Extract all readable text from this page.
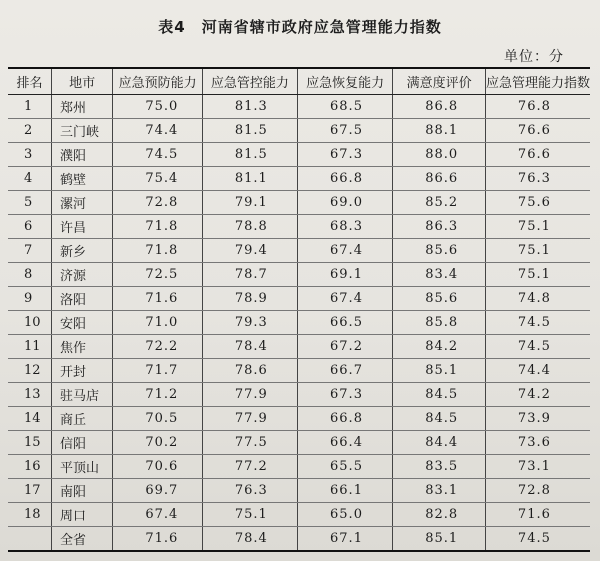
表4 河南省辖市政府应急管理能力指数
单位：分
排名	地市	应急预防能力	应急管控能力	应急恢复能力	满意度评价	应急管理能力指数
1	郑州	75.0	81.3	68.5	86.8	76.8
2	三门峡	74.4	81.5	67.5	88.1	76.6
3	濮阳	74.5	81.5	67.3	88.0	76.6
4	鹤壁	75.4	81.1	66.8	86.6	76.3
5	漯河	72.8	79.1	69.0	85.2	75.6
6	许昌	71.8	78.8	68.3	86.3	75.1
7	新乡	71.8	79.4	67.4	85.6	75.1
8	济源	72.5	78.7	69.1	83.4	75.1
9	洛阳	71.6	78.9	67.4	85.6	74.8
10	安阳	71.0	79.3	66.5	85.8	74.5
11	焦作	72.2	78.4	67.2	84.2	74.5
12	开封	71.7	78.6	66.7	85.1	74.4
13	驻马店	71.2	77.9	67.3	84.5	74.2
14	商丘	70.5	77.9	66.8	84.5	73.9
15	信阳	70.2	77.5	66.4	84.4	73.6
16	平顶山	70.6	77.2	65.5	83.5	73.1
17	南阳	69.7	76.3	66.1	83.1	72.8
18	周口	67.4	75.1	65.0	82.8	71.6
	全省	71.6	78.4	67.1	85.1	74.5
